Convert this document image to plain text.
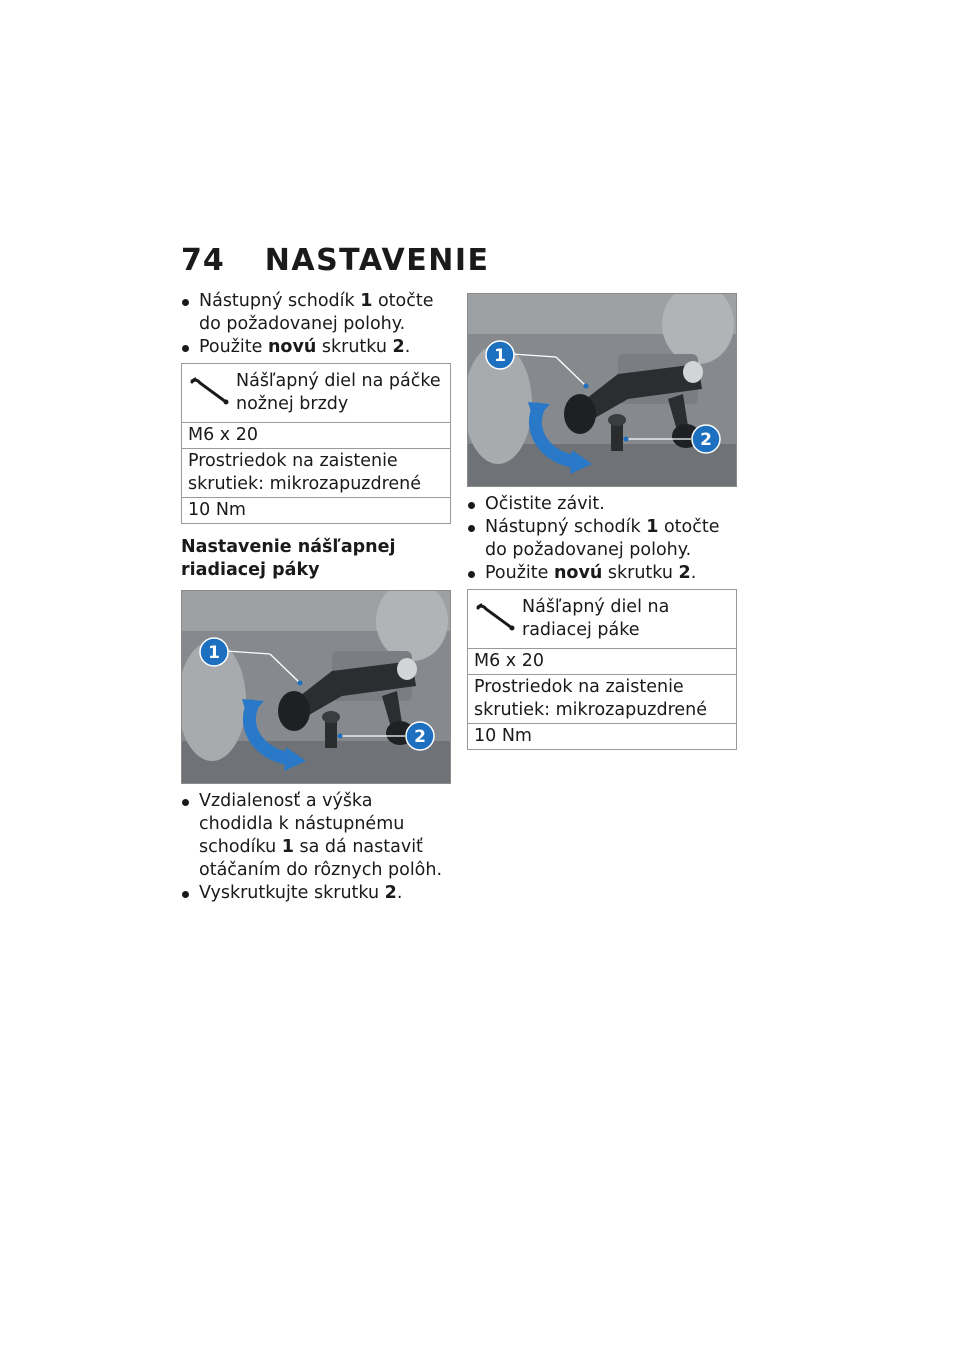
74 NASTAVENIE
Nástupný schodík 1 otočte do požadovanej polohy.
Použite novú skrutku 2.
Nášľapný diel na páčke nožnej brzdy
M6 x 20
Prostriedok na zaistenie skrutiek: mikrozapuzdrené
10 Nm
Nastavenie nášľapnej riadiacej páky
1
2
Vzdialenosť a výška chodidla k nástupnému schodíku 1 sa dá nastaviť otáčaním do rôznych polôh.
Vyskrutkujte skrutku 2.
1
2
Očistite závit.
Nástupný schodík 1 otočte do požadovanej polohy.
Použite novú skrutku 2.
Nášľapný diel na radiacej páke
M6 x 20
Prostriedok na zaistenie skrutiek: mikrozapuzdrené
10 Nm
